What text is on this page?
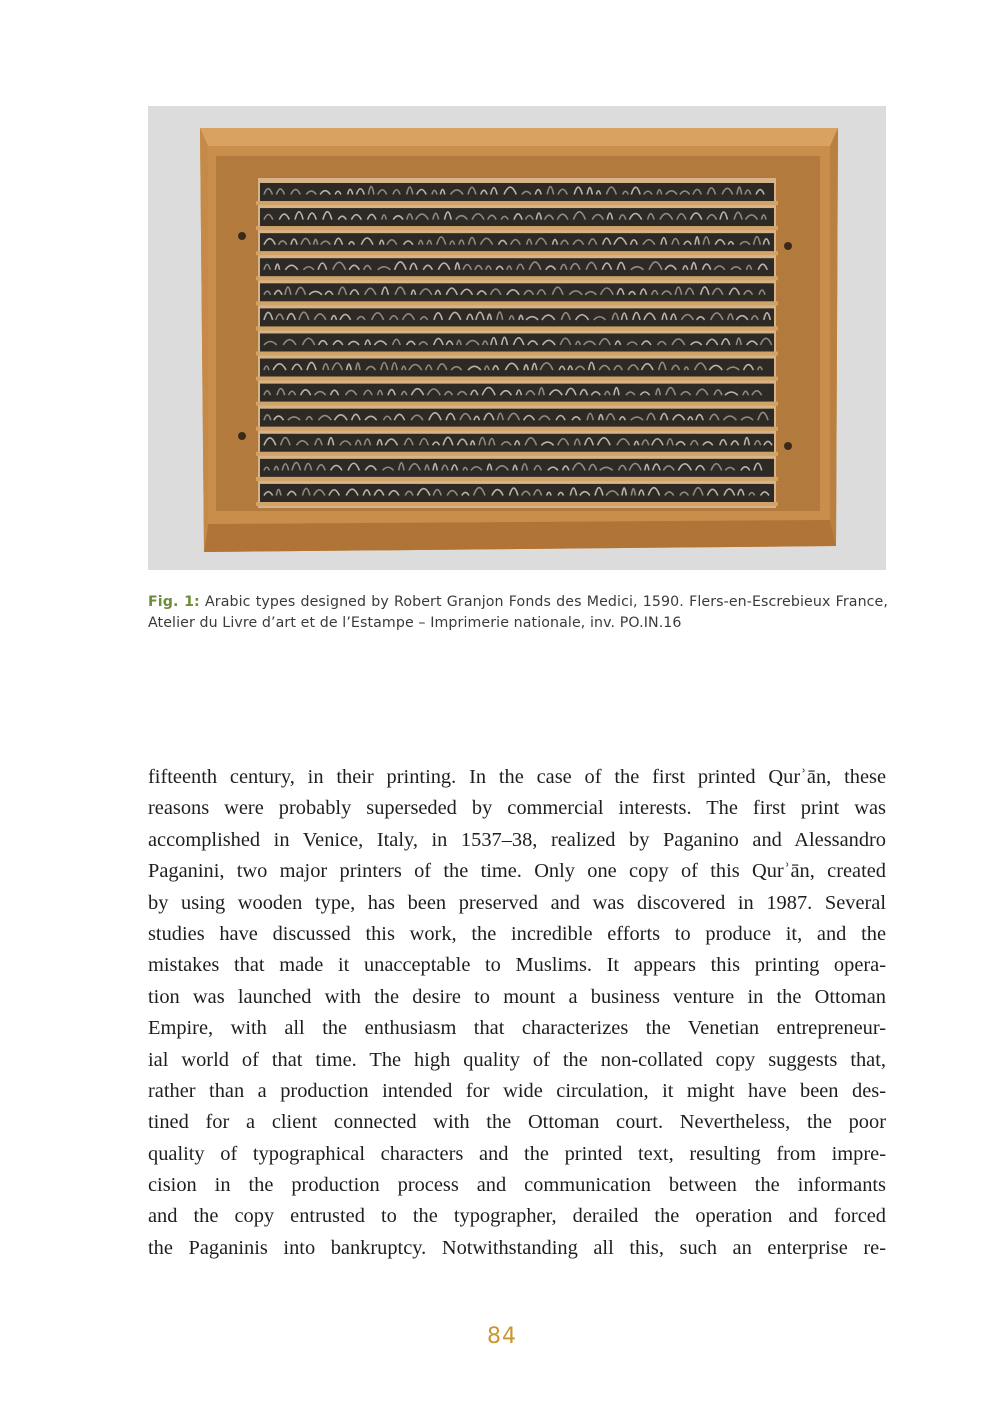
Fig. 1: Arabic types designed by Robert Granjon Fonds des Medici, 1590. Flers-en-Escrebieux France,
Atelier du Livre d’art et de l’Estampe – Imprimerie nationale, inv. PO.IN.16
fifteenth century, in their printing. In the case of the first printed Qurʾān, these
reasons were probably superseded by commercial interests. The first print was
accomplished in Venice, Italy, in 1537–38, realized by Paganino and Alessandro
Paganini, two major printers of the time. Only one copy of this Qurʾān, created
by using wooden type, has been preserved and was discovered in 1987. Several
studies have discussed this work, the incredible efforts to produce it, and the
mistakes that made it unacceptable to Muslims. It appears this printing opera-
tion was launched with the desire to mount a business venture in the Ottoman
Empire, with all the enthusiasm that characterizes the Venetian entrepreneur-
ial world of that time. The high quality of the non-collated copy suggests that,
rather than a production intended for wide circulation, it might have been des-
tined for a client connected with the Ottoman court. Nevertheless, the poor
quality of typographical characters and the printed text, resulting from impre-
cision in the production process and communication between the informants
and the copy entrusted to the typographer, derailed the operation and forced
the Paganinis into bankruptcy. Notwithstanding all this, such an enterprise re-
84
